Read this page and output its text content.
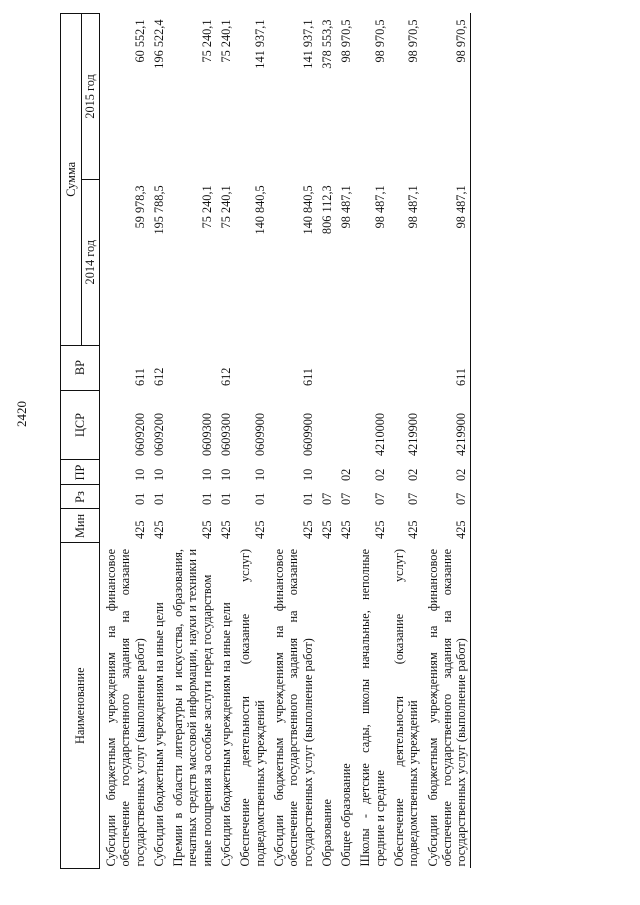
2420
Наименование	Мин	Рз	ПР	ЦСР	ВР	Сумма	
						2014 год	2015 год
Субсидии бюджетным учреждениям на финансовое обеспечение государственного задания на оказание государственных услуг (выполнение работ)	425	01	10	0609200	611	59 978,3	60 552,1
Субсидии бюджетным учреждениям на иные цели	425	01	10	0609200	612	195 788,5	196 522,4
Премии в области литературы и искусства, образования, печатных средств массовой информации, науки и техники и иные поощрения за особые заслуги перед государством	425	01	10	0609300		75 240,1	75 240,1
Субсидии бюджетным учреждениям на иные цели	425	01	10	0609300	612	75 240,1	75 240,1
Обеспечение деятельности (оказание услуг) подведомственных учреждений	425	01	10	0609900		140 840,5	141 937,1
Субсидии бюджетным учреждениям на финансовое обеспечение государственного задания на оказание государственных услуг (выполнение работ)	425	01	10	0609900	611	140 840,5	141 937,1
Образование	425	07				806 112,3	378 553,3
Общее образование	425	07	02			98 487,1	98 970,5
Школы - детские сады, школы начальные, неполные средние и средние	425	07	02	4210000		98 487,1	98 970,5
Обеспечение деятельности (оказание услуг) подведомственных учреждений	425	07	02	4219900		98 487,1	98 970,5
Субсидии бюджетным учреждениям на финансовое обеспечение государственного задания на оказание государственных услуг (выполнение работ)	425	07	02	4219900	611	98 487,1	98 970,5
